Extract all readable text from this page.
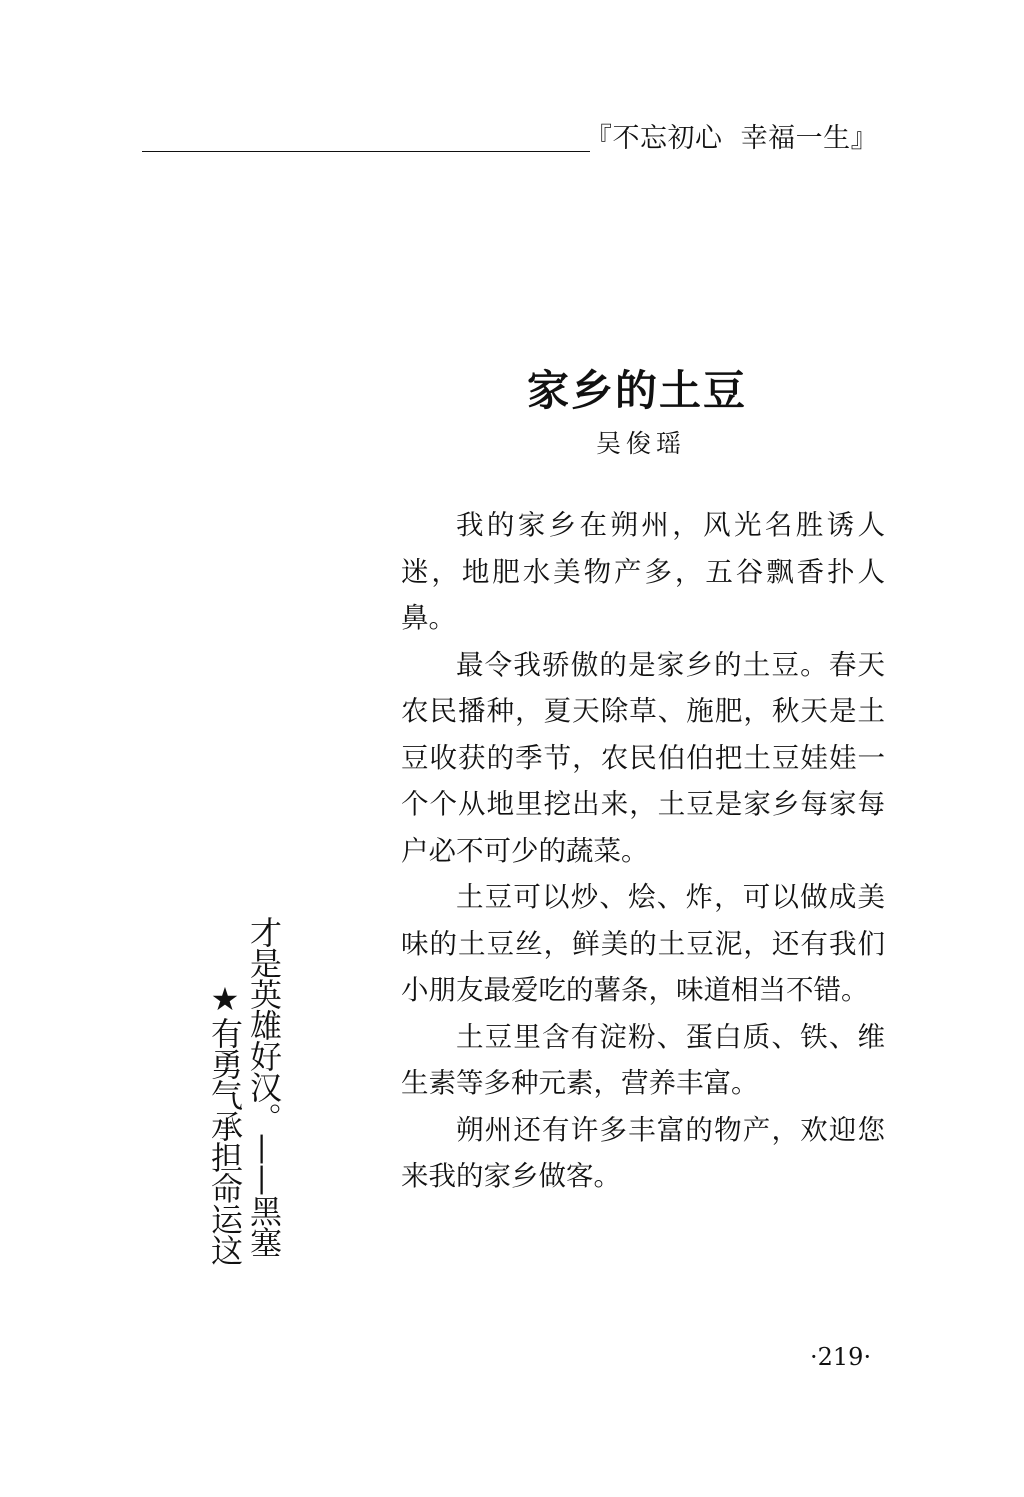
『不忘初心  幸福一生』
家乡的土豆
吴俊瑶

我的家乡在朔州，风光名胜诱人迷，地肥水美物产多，五谷飘香扑人鼻。

最令我骄傲的是家乡的土豆。春天农民播种，夏天除草、施肥，秋天是土豆收获的季节，农民伯伯把土豆娃娃一个个从地里挖出来，土豆是家乡每家每户必不可少的蔬菜。

土豆可以炒、烩、炸，可以做成美味的土豆丝，鲜美的土豆泥，还有我们小朋友最爱吃的薯条，味道相当不错。

土豆里含有淀粉、蛋白质、铁、维生素等多种元素，营养丰富。

朔州还有许多丰富的物产，欢迎您来我的家乡做客。

才是英雄好汉。——黑塞
★有勇气承担命运这
·219·
